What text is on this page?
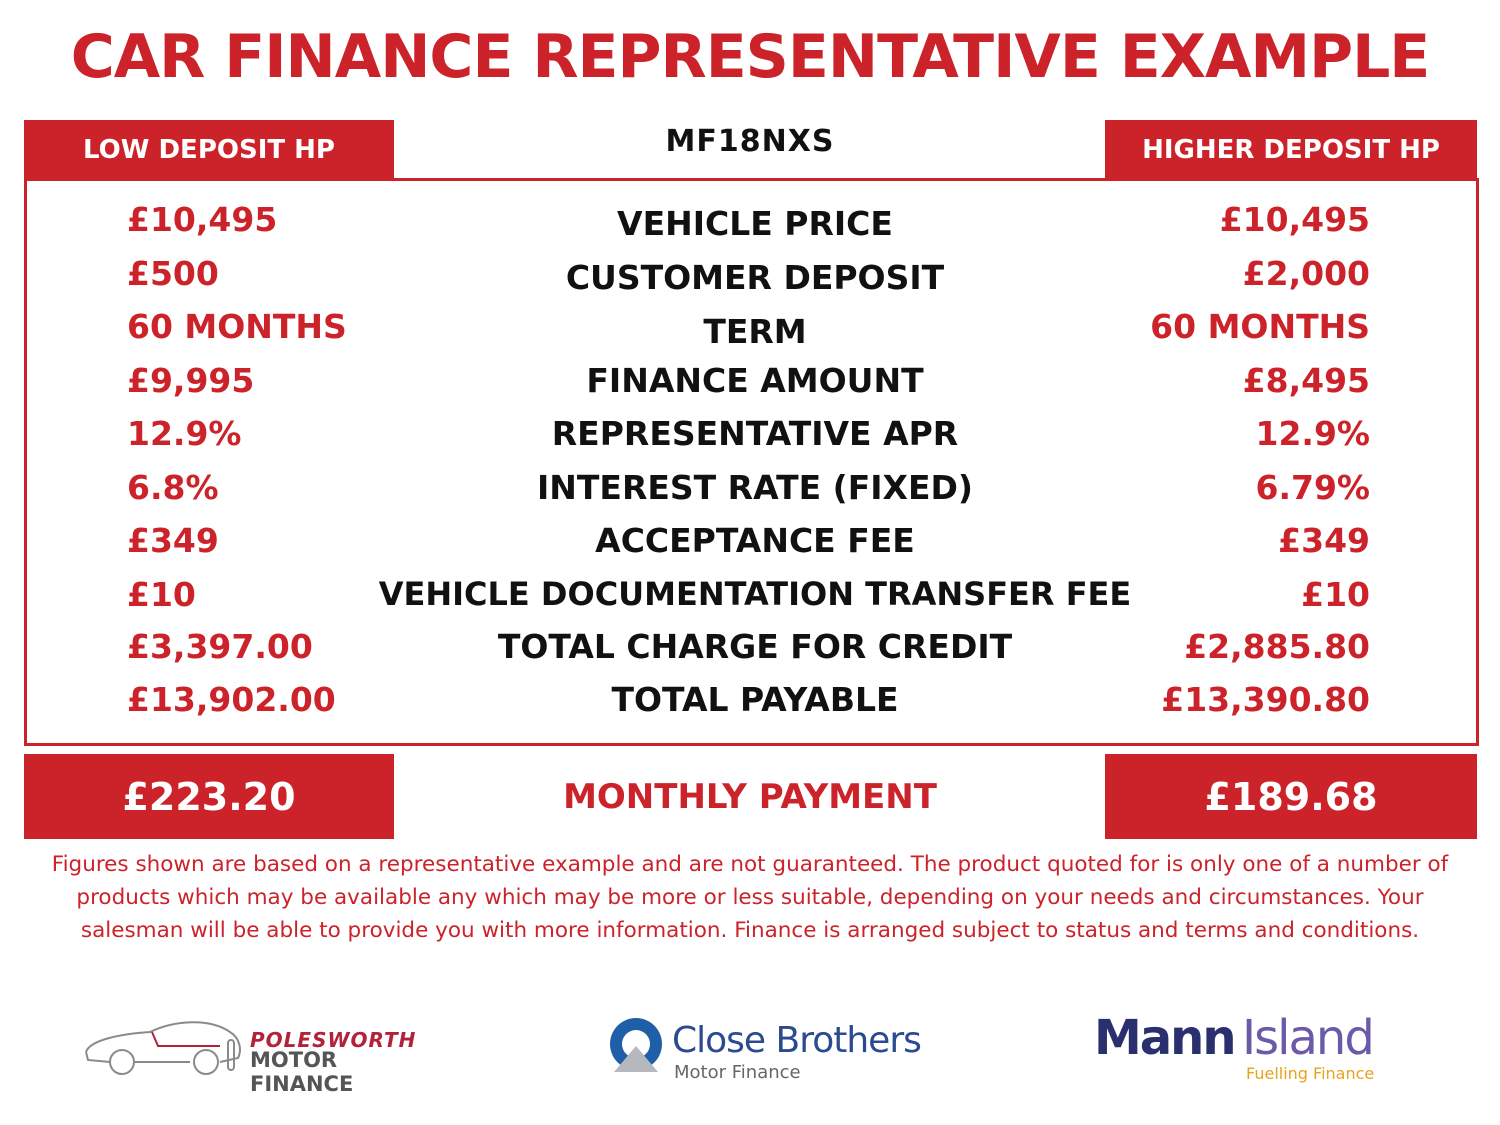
CAR FINANCE REPRESENTATIVE EXAMPLE
LOW DEPOSIT HP	MF18NXS	HIGHER DEPOSIT HP
£10,495	VEHICLE PRICE	£10,495
£500	CUSTOMER DEPOSIT	£2,000
60 MONTHS	TERM	60 MONTHS
£9,995	FINANCE AMOUNT	£8,495
12.9%	REPRESENTATIVE APR	12.9%
6.8%	INTEREST RATE (FIXED)	6.79%
£349	ACCEPTANCE FEE	£349
£10	VEHICLE DOCUMENTATION TRANSFER FEE	£10
£3,397.00	TOTAL CHARGE FOR CREDIT	£2,885.80
£13,902.00	TOTAL PAYABLE	£13,390.80
£223.20	MONTHLY PAYMENT	£189.68
Figures shown are based on a representative example and are not guaranteed. The product quoted for is only one of a number of products which may be available any which may be more or less suitable, depending on your needs and circumstances. Your salesman will be able to provide you with more information. Finance is arranged subject to status and terms and conditions.
POLESWORTH
MOTOR FINANCE
Close Brothers
Motor Finance
Mann Island
Fuelling Finance
